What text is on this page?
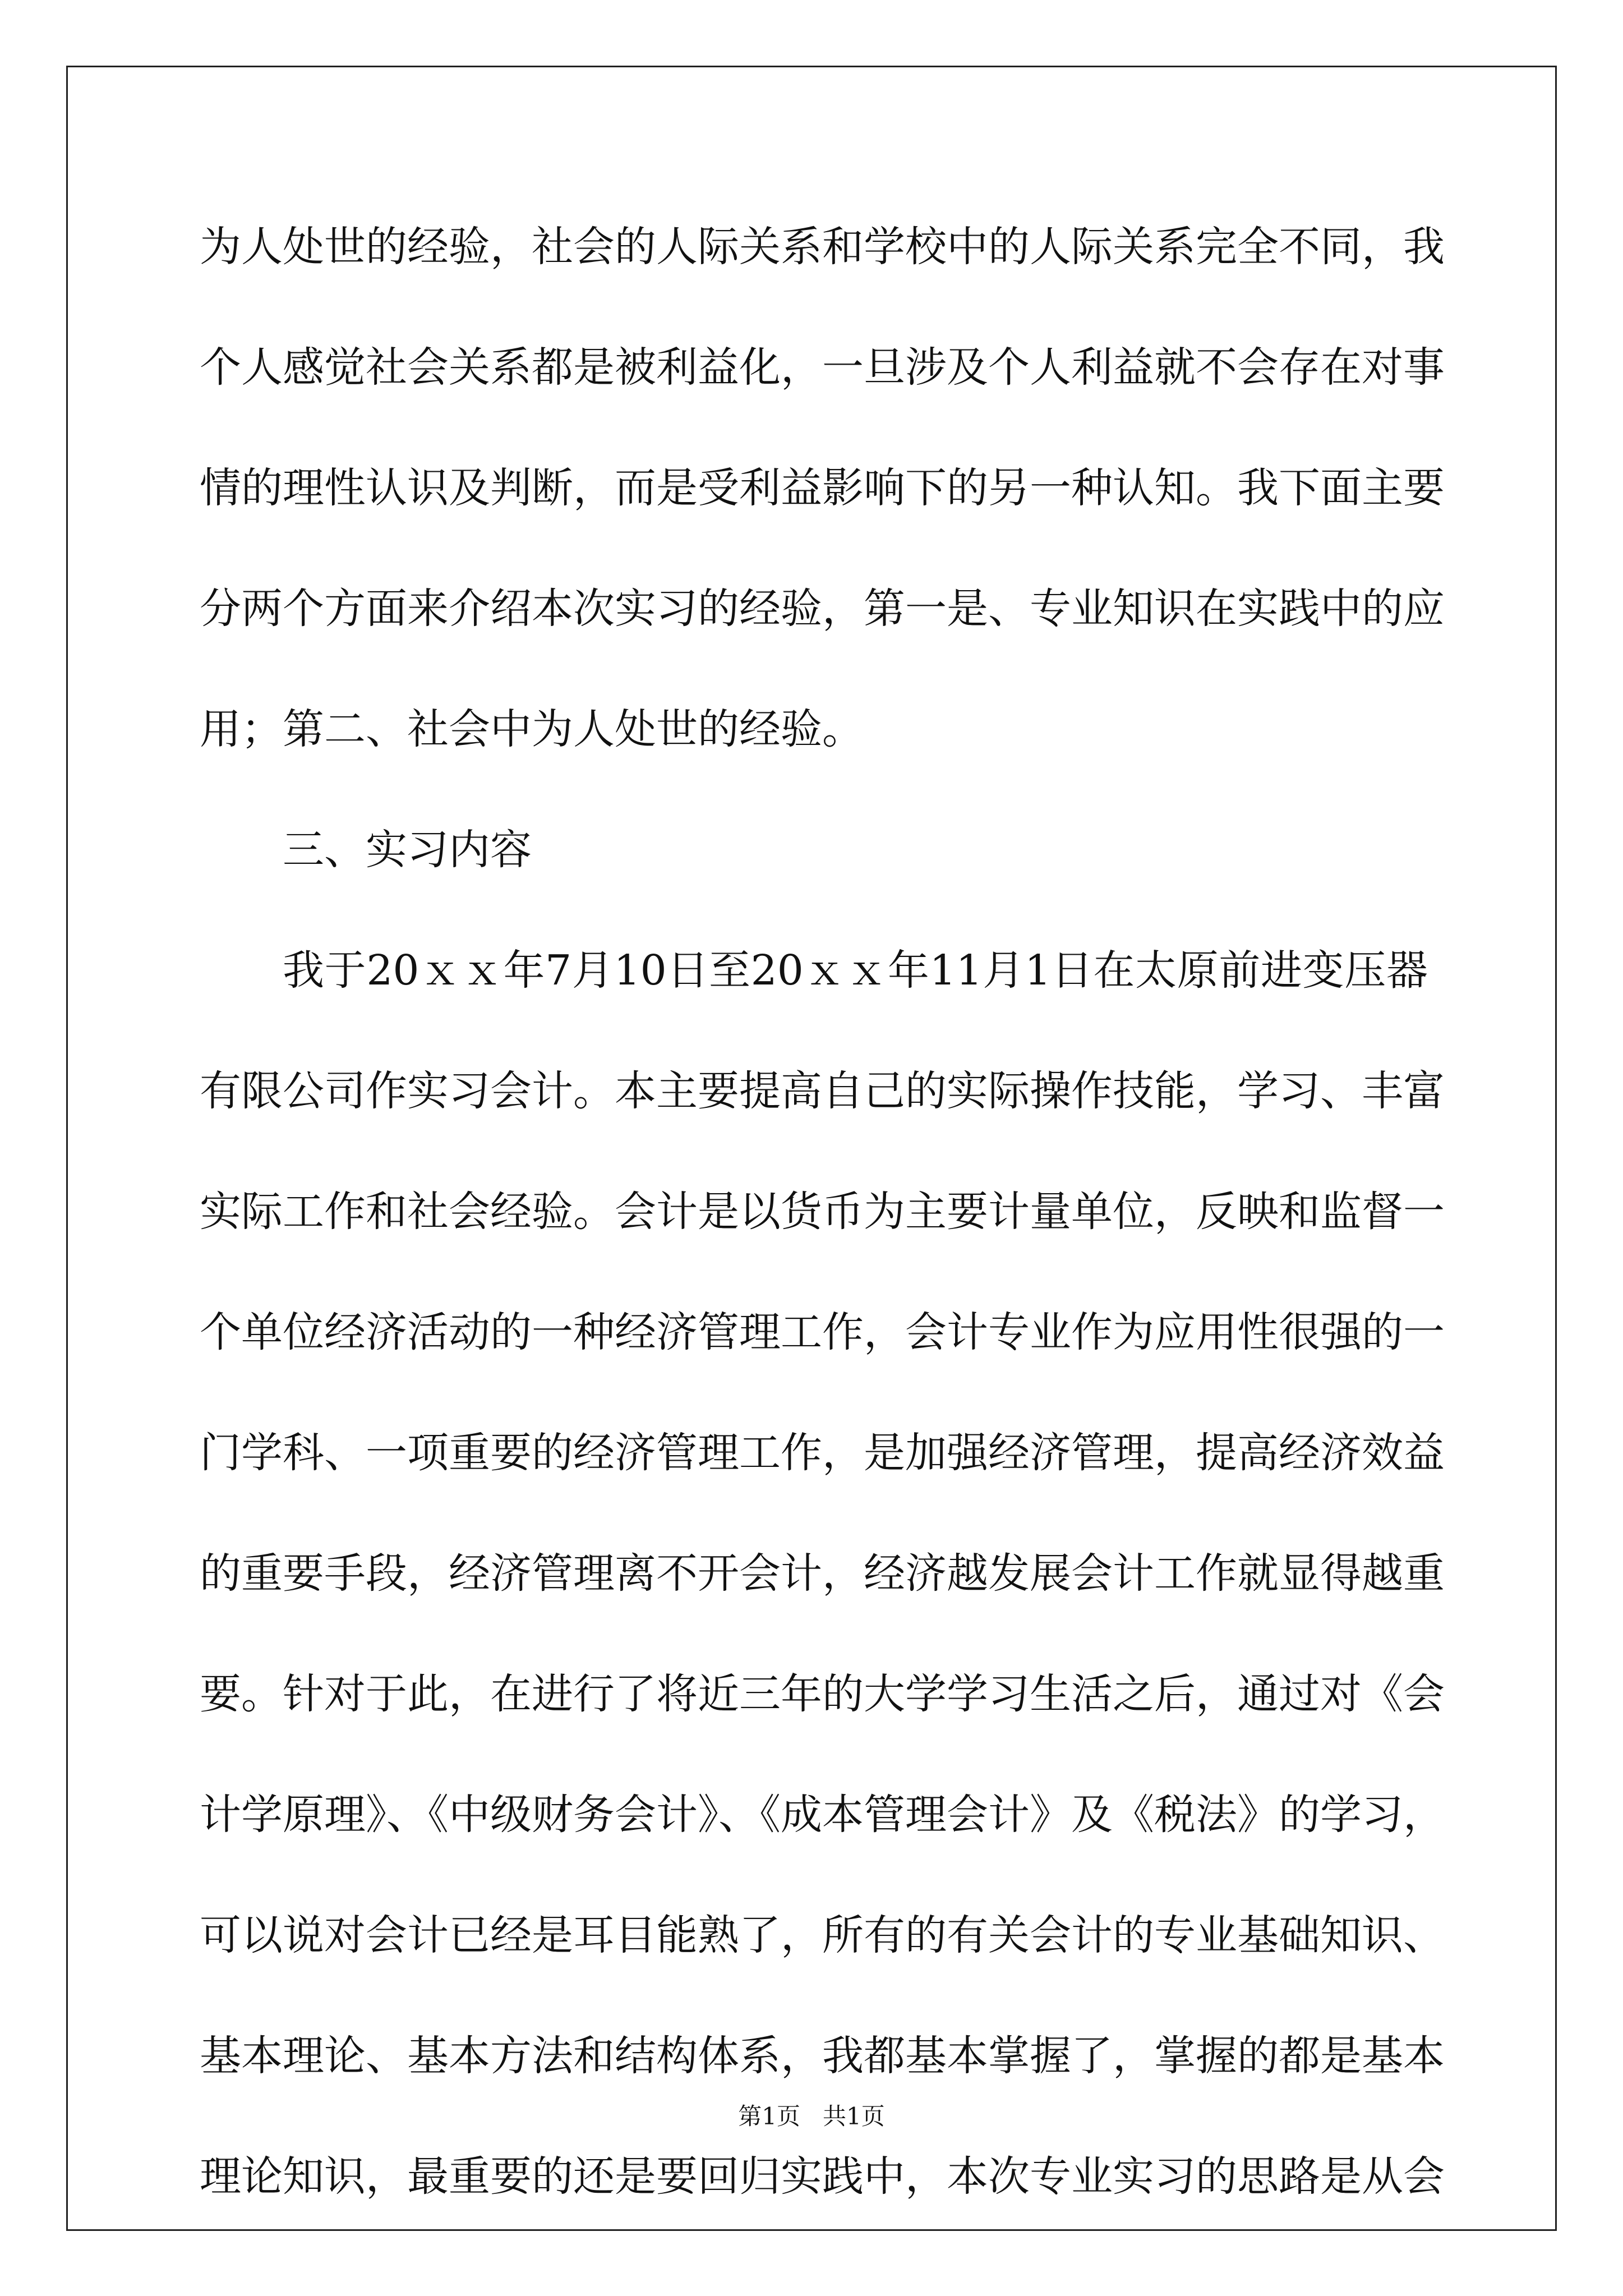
为人处世的经验，社会的人际关系和学校中的人际关系完全不同，我
个人感觉社会关系都是被利益化，一旦涉及个人利益就不会存在对事
情的理性认识及判断，而是受利益影响下的另一种认知。我下面主要
分两个方面来介绍本次实习的经验，第一是、专业知识在实践中的应
用；第二、社会中为人处世的经验。
三、实习内容
我于20ｘｘ年7月10日至20ｘｘ年11月1日在太原前进变压器
有限公司作实习会计。本主要提高自己的实际操作技能，学习、丰富
实际工作和社会经验。会计是以货币为主要计量单位，反映和监督一
个单位经济活动的一种经济管理工作，会计专业作为应用性很强的一
门学科、一项重要的经济管理工作，是加强经济管理，提高经济效益
的重要手段，经济管理离不开会计，经济越发展会计工作就显得越重
要。针对于此，在进行了将近三年的大学学习生活之后，通过对《会
计学原理》、《中级财务会计》、《成本管理会计》及《税法》的学习，
可以说对会计已经是耳目能熟了，所有的有关会计的专业基础知识、
基本理论、基本方法和结构体系，我都基本掌握了，掌握的都是基本
理论知识，最重要的还是要回归实践中，本次专业实习的思路是从会
第1页   共1页
